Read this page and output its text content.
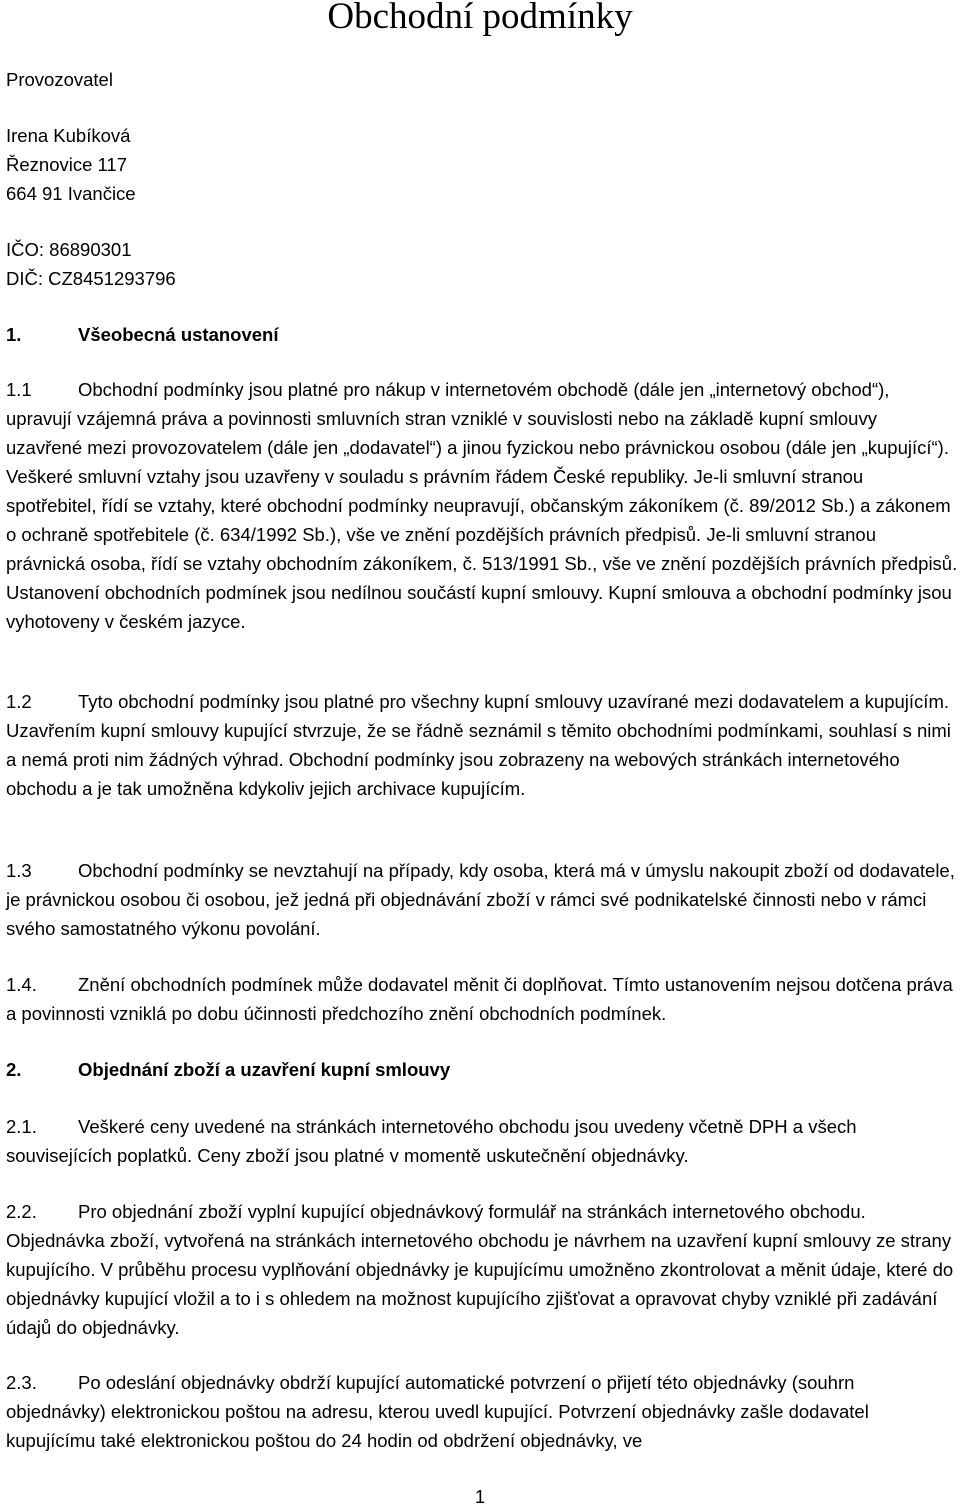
Obchodní podmínky
Provozovatel
Irena Kubíková
Řeznovice 117
664 91 Ivančice
IČO: 86890301
DIČ: CZ8451293796
1.	Všeobecná ustanovení
1.1	Obchodní podmínky jsou platné pro nákup v internetovém obchodě (dále jen „internetový obchod“), upravují vzájemná práva a povinnosti smluvních stran vzniklé v souvislosti nebo na základě kupní smlouvy uzavřené mezi provozovatelem (dále jen „dodavatel“) a jinou fyzickou nebo právnickou osobou (dále jen „kupující“). Veškeré smluvní vztahy jsou uzavřeny v souladu s právním řádem České republiky. Je-li smluvní stranou spotřebitel, řídí se vztahy, které obchodní podmínky neupravují, občanským zákoníkem (č. 89/2012 Sb.) a zákonem o ochraně spotřebitele (č. 634/1992 Sb.), vše ve znění pozdějších právních předpisů. Je-li smluvní stranou právnická osoba, řídí se vztahy obchodním zákoníkem, č. 513/1991 Sb., vše ve znění pozdějších právních předpisů. Ustanovení obchodních podmínek jsou nedílnou součástí kupní smlouvy. Kupní smlouva a obchodní podmínky jsou vyhotoveny v českém jazyce.
1.2	Tyto obchodní podmínky jsou platné pro všechny kupní smlouvy uzavírané mezi dodavatelem a kupujícím. Uzavřením kupní smlouvy kupující stvrzuje, že se řádně seznámil s těmito obchodními podmínkami, souhlasí s nimi a nemá proti nim žádných výhrad. Obchodní podmínky jsou zobrazeny na webových stránkách internetového obchodu a je tak umožněna kdykoliv jejich archivace kupujícím.
1.3	Obchodní podmínky se nevztahují na případy, kdy osoba, která má v úmyslu nakoupit zboží od dodavatele, je právnickou osobou či osobou, jež jedná při objednávání zboží v rámci své podnikatelské činnosti nebo v rámci svého samostatného výkonu povolání.
1.4. Znění obchodních podmínek může dodavatel měnit či doplňovat. Tímto ustanovením nejsou dotčena práva a povinnosti vzniklá po dobu účinnosti předchozího znění obchodních podmínek.
2.	Objednání zboží a uzavření kupní smlouvy
2.1. Veškeré ceny uvedené na stránkách internetového obchodu jsou uvedeny včetně DPH a všech souvisejících poplatků. Ceny zboží jsou platné v momentě uskutečnění objednávky.
2.2. Pro objednání zboží vyplní kupující objednávkový formulář na stránkách internetového obchodu. Objednávka zboží, vytvořená na stránkách internetového obchodu je návrhem na uzavření kupní smlouvy ze strany kupujícího. V průběhu procesu vyplňování objednávky je kupujícímu umožněno zkontrolovat a měnit údaje, které do objednávky kupující vložil a to i s ohledem na možnost kupujícího zjišťovat a opravovat chyby vzniklé při zadávání údajů do objednávky.
2.3. Po odeslání objednávky obdrží kupující automatické potvrzení o přijetí této objednávky (souhrn objednávky) elektronickou poštou na adresu, kterou uvedl kupující. Potvrzení objednávky zašle dodavatel kupujícímu také elektronickou poštou do 24 hodin od obdržení objednávky, ve
1
